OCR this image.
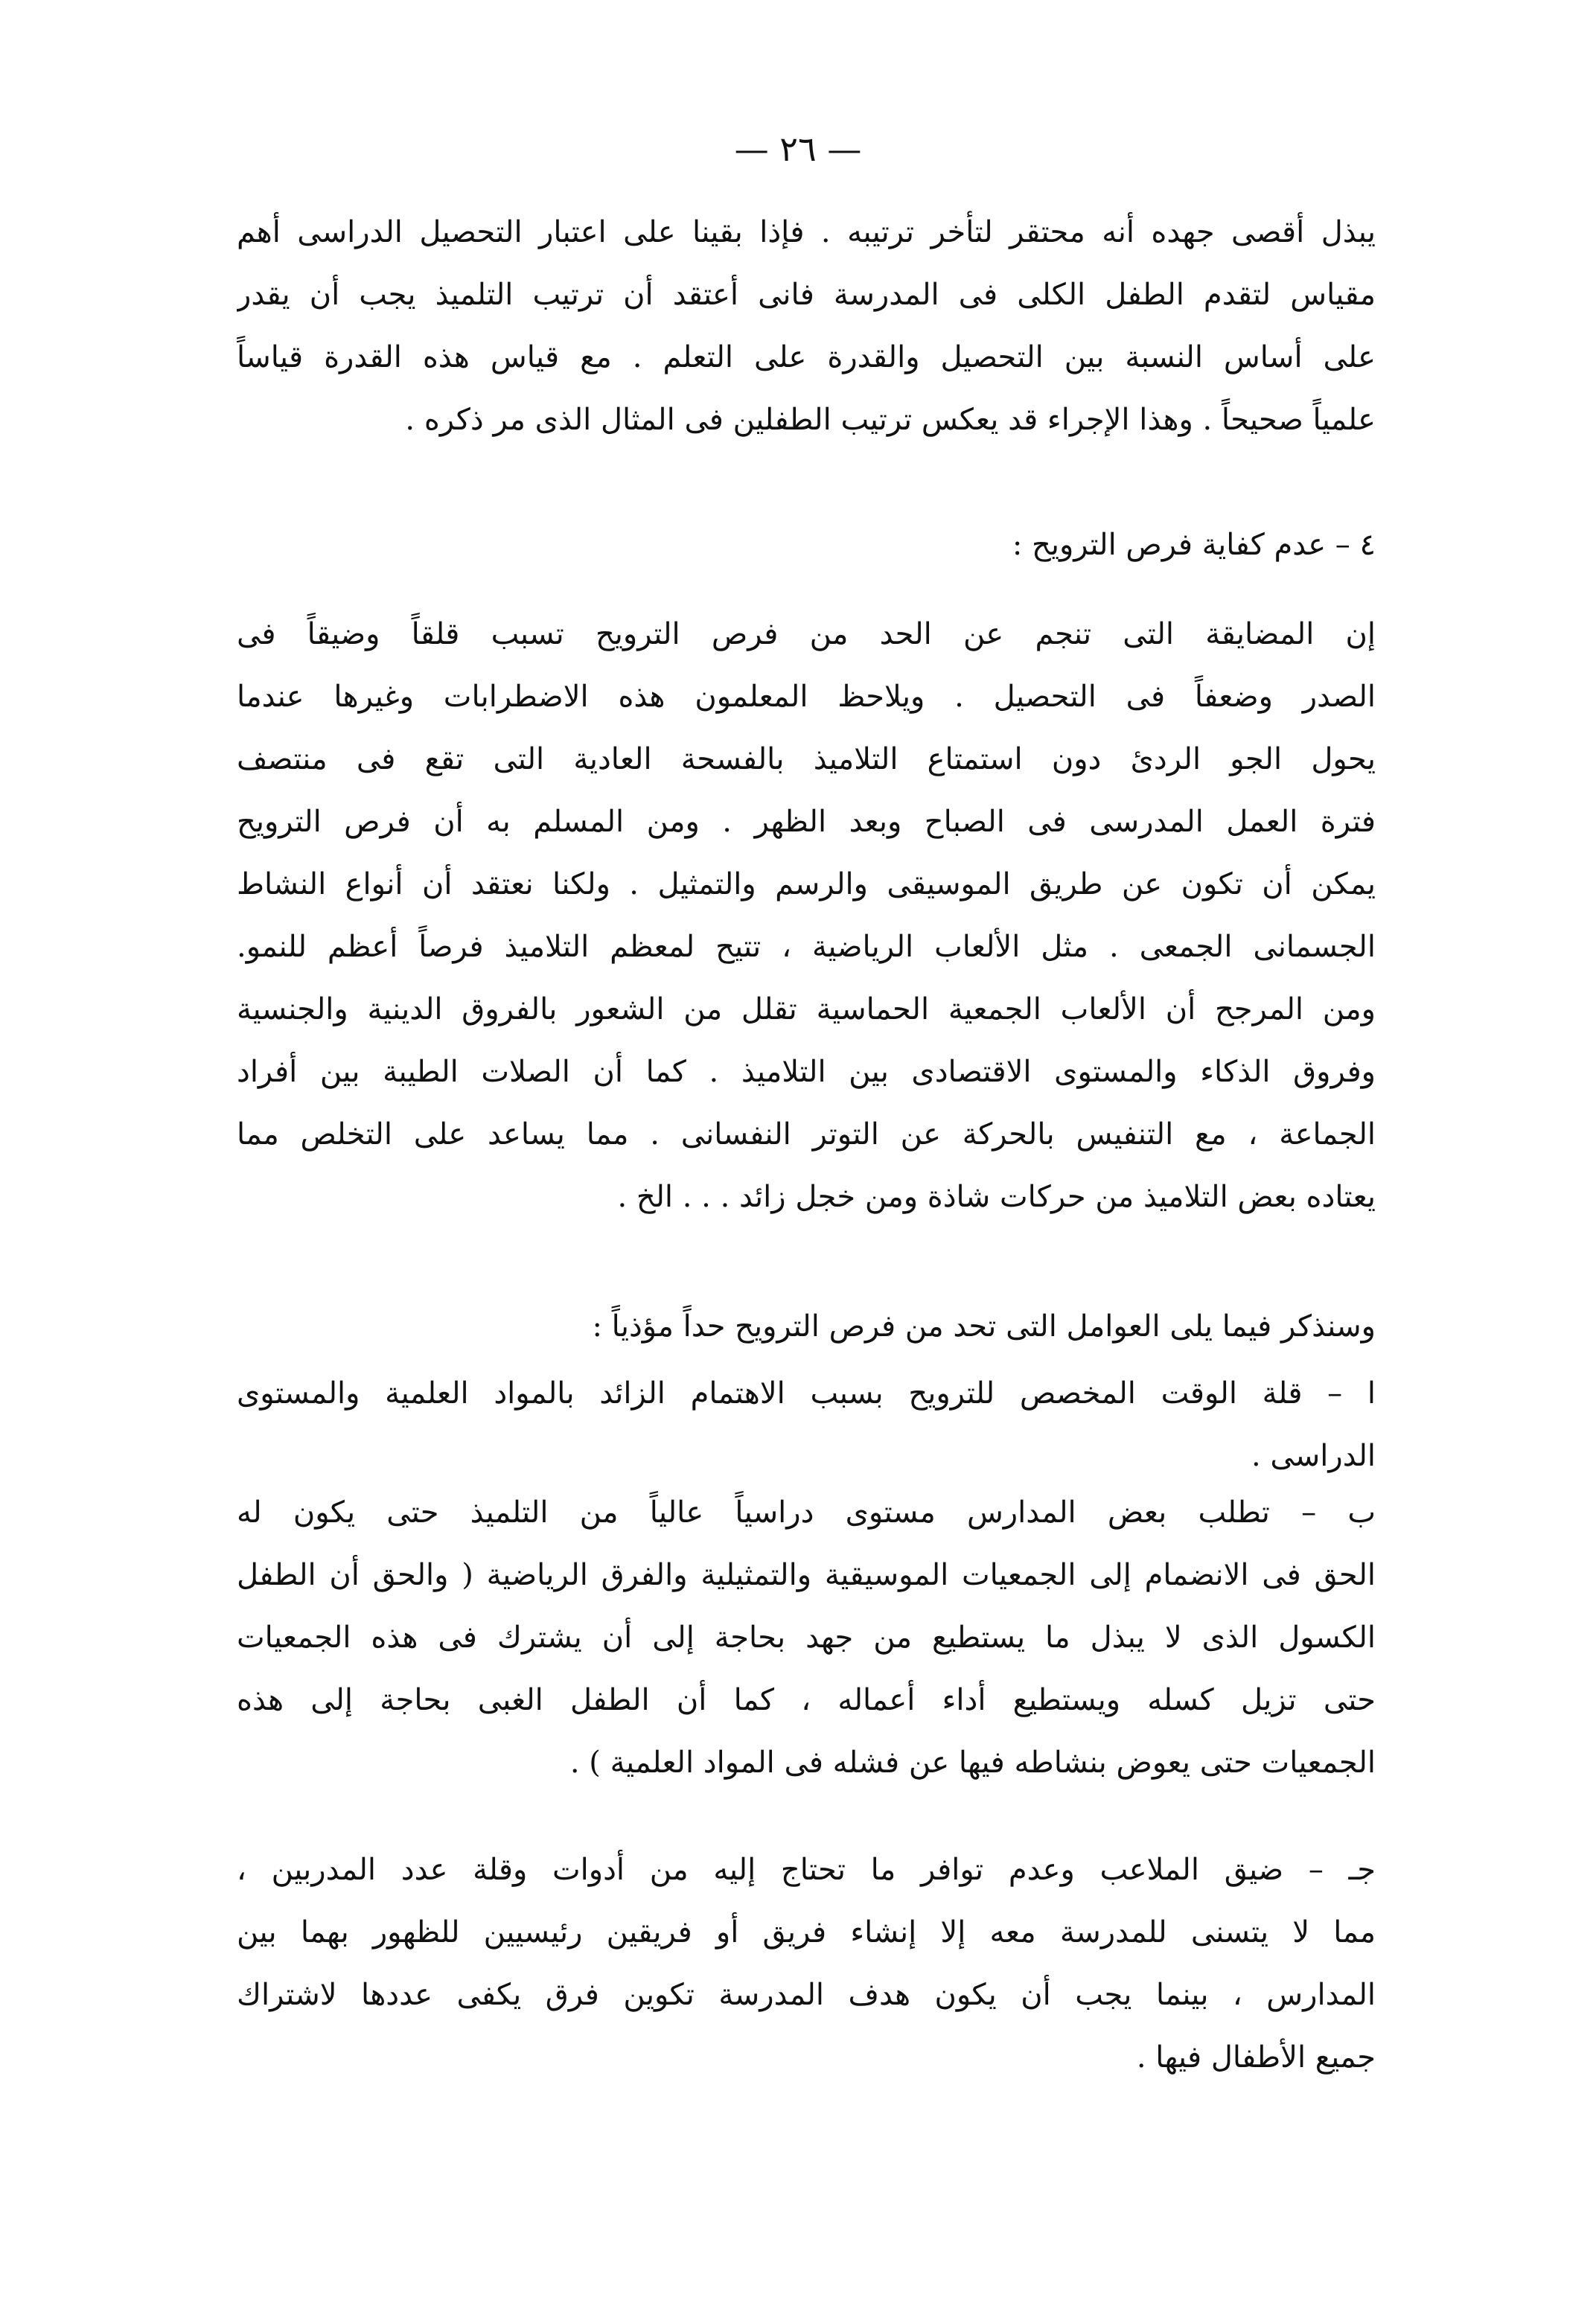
— ٢٦ —
يبذل أقصى جهده أنه محتقر لتأخر ترتيبه . فإذا بقينا على اعتبار التحصيل الدراسى أهم
مقياس لتقدم الطفل الكلى فى المدرسة فانى أعتقد أن ترتيب التلميذ يجب أن يقدر
على أساس النسبة بين التحصيل والقدرة على التعلم . مع قياس هذه القدرة قياساً
علمياً صحيحاً . وهذا الإجراء قد يعكس ترتيب الطفلين فى المثال الذى مر ذكره .
٤ – عدم كفاية فرص الترويح :
إن المضايقة التى تنجم عن الحد من فرص الترويح تسبب قلقاً وضيقاً فى
الصدر وضعفاً فى التحصيل . ويلاحظ المعلمون هذه الاضطرابات وغيرها عندما
يحول الجو الردئ دون استمتاع التلاميذ بالفسحة العادية التى تقع فى منتصف
فترة العمل المدرسى فى الصباح وبعد الظهر . ومن المسلم به أن فرص الترويح
يمكن أن تكون عن طريق الموسيقى والرسم والتمثيل . ولكنا نعتقد أن أنواع النشاط
الجسمانى الجمعى . مثل الألعاب الرياضية ، تتيح لمعظم التلاميذ فرصاً أعظم للنمو.
ومن المرجح أن الألعاب الجمعية الحماسية تقلل من الشعور بالفروق الدينية والجنسية
وفروق الذكاء والمستوى الاقتصادى بين التلاميذ . كما أن الصلات الطيبة بين أفراد
الجماعة ، مع التنفيس بالحركة عن التوتر النفسانى . مما يساعد على التخلص مما
يعتاده بعض التلاميذ من حركات شاذة ومن خجل زائد . . . الخ .
وسنذكر فيما يلى العوامل التى تحد من فرص الترويح حداً مؤذياً :
ا – قلة الوقت المخصص للترويح بسبب الاهتمام الزائد بالمواد العلمية والمستوى
الدراسى .
ب – تطلب بعض المدارس مستوى دراسياً عالياً من التلميذ حتى يكون له
الحق فى الانضمام إلى الجمعيات الموسيقية والتمثيلية والفرق الرياضية ( والحق أن الطفل
الكسول الذى لا يبذل ما يستطيع من جهد بحاجة إلى أن يشترك فى هذه الجمعيات
حتى تزيل كسله ويستطيع أداء أعماله ، كما أن الطفل الغبى بحاجة إلى هذه
الجمعيات حتى يعوض بنشاطه فيها عن فشله فى المواد العلمية ) .
جـ – ضيق الملاعب وعدم توافر ما تحتاج إليه من أدوات وقلة عدد المدربين ،
مما لا يتسنى للمدرسة معه إلا إنشاء فريق أو فريقين رئيسيين للظهور بهما بين
المدارس ، بينما يجب أن يكون هدف المدرسة تكوين فرق يكفى عددها لاشتراك
جميع الأطفال فيها .
